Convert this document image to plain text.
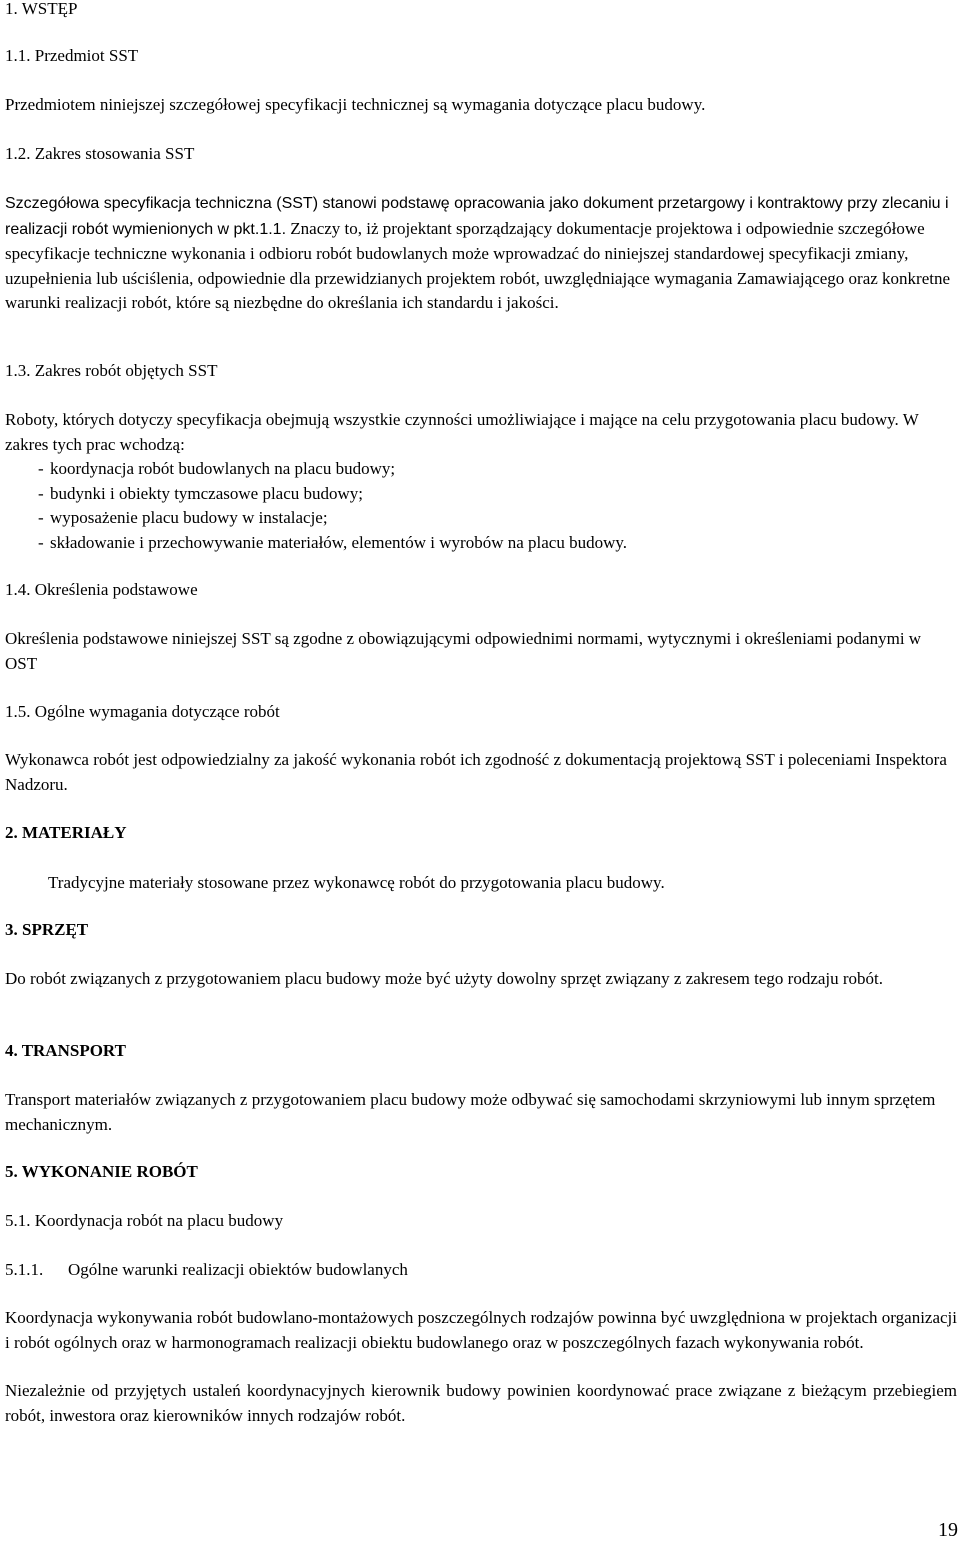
1. WSTĘP
1.1. Przedmiot SST

Przedmiotem niniejszej szczegółowej specyfikacji technicznej są wymagania dotyczące placu budowy.

1.2. Zakres stosowania SST

Szczegółowa specyfikacja techniczna (SST) stanowi podstawę opracowania jako dokument przetargowy i kontraktowy przy zlecaniu i realizacji robót wymienionych w pkt.1.1. Znaczy to, iż projektant sporządzający dokumentacje projektowa i odpowiednie szczegółowe specyfikacje techniczne wykonania i odbioru robót budowlanych może wprowadzać do niniejszej standardowej specyfikacji zmiany, uzupełnienia lub uściślenia, odpowiednie dla przewidzianych projektem robót, uwzględniające wymagania Zamawiającego oraz konkretne warunki realizacji robót, które są niezbędne do określania ich standardu i jakości.

1.3. Zakres robót objętych SST

Roboty, których dotyczy specyfikacja obejmują wszystkie czynności umożliwiające i mające na celu przygotowania placu budowy. W zakres tych prac wchodzą:

- koordynacja robót budowlanych na placu budowy;
- budynki i obiekty tymczasowe placu budowy;
- wyposażenie placu budowy w instalacje;
- składowanie i przechowywanie materiałów, elementów i wyrobów na placu budowy.
1.4. Określenia podstawowe

Określenia podstawowe niniejszej SST są zgodne z obowiązującymi odpowiednimi normami, wytycznymi i określeniami podanymi w OST

1.5. Ogólne wymagania dotyczące robót

Wykonawca robót jest odpowiedzialny za jakość wykonania robót ich zgodność z dokumentacją projektową SST i poleceniami Inspektora Nadzoru.

2. MATERIAŁY

Tradycyjne materiały stosowane przez wykonawcę robót do przygotowania placu budowy.

3. SPRZĘT

Do robót związanych z przygotowaniem placu budowy może być użyty dowolny sprzęt związany z zakresem tego rodzaju robót.

4. TRANSPORT

Transport materiałów związanych z przygotowaniem placu budowy może odbywać się samochodami skrzyniowymi lub innym sprzętem mechanicznym.

5. WYKONANIE ROBÓT
5.1. Koordynacja robót na placu budowy
5.1.1. Ogólne warunki realizacji obiektów budowlanych

Koordynacja wykonywania robót budowlano-montażowych poszczególnych rodzajów powinna być uwzględniona w projektach organizacji i robót ogólnych oraz w harmonogramach realizacji obiektu budowlanego oraz w poszczególnych fazach wykonywania robót.

Niezależnie od przyjętych ustaleń koordynacyjnych kierownik budowy powinien koordynować prace związane z bieżącym przebiegiem robót, inwestora oraz kierowników innych rodzajów robót.

19
